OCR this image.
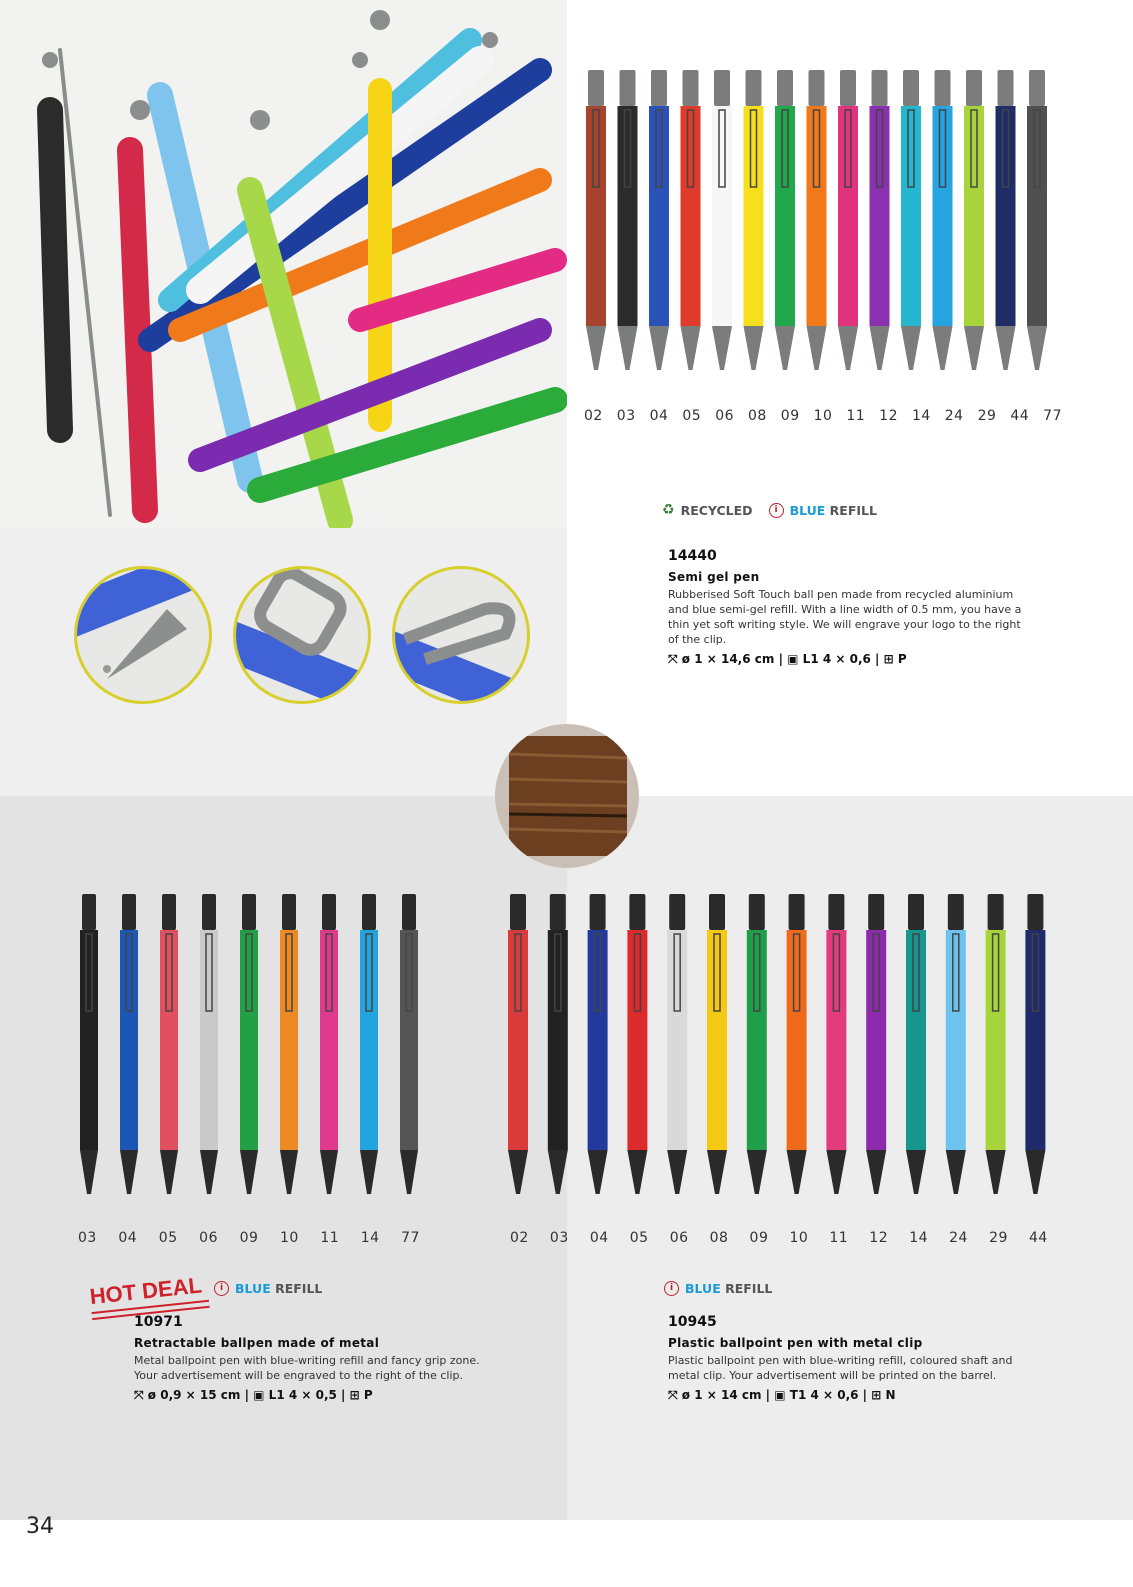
02 03 04 05 06 08 09 10 11 12 14 24 29 44 77
♻ RECYCLED	i BLUE REFILL
14440
Semi gel pen
Rubberised Soft Touch ball pen made from recycled aluminium and blue semi-gel refill. With a line width of 0.5 mm, you have a thin yet soft writing style. We will engrave your logo to the right of the clip.
⤧ ø 1 × 14,6 cm | ▣ L1 4 × 0,6 | ⊞ P
03 04 05 06 09 10 11 14 77
HOT DEAL	i BLUE REFILL
10971
Retractable ballpen made of metal
Metal ballpoint pen with blue-writing refill and fancy grip zone. Your advertisement will be engraved to the right of the clip.
⤧ ø 0,9 × 15 cm | ▣ L1 4 × 0,5 | ⊞ P
02 03 04 05 06 08 09 10 11 12 14 24 29 44
i BLUE REFILL
10945
Plastic ballpoint pen with metal clip
Plastic ballpoint pen with blue-writing refill, coloured shaft and metal clip. Your advertisement will be printed on the barrel.
⤧ ø 1 × 14 cm | ▣ T1 4 × 0,6 | ⊞ N
34
